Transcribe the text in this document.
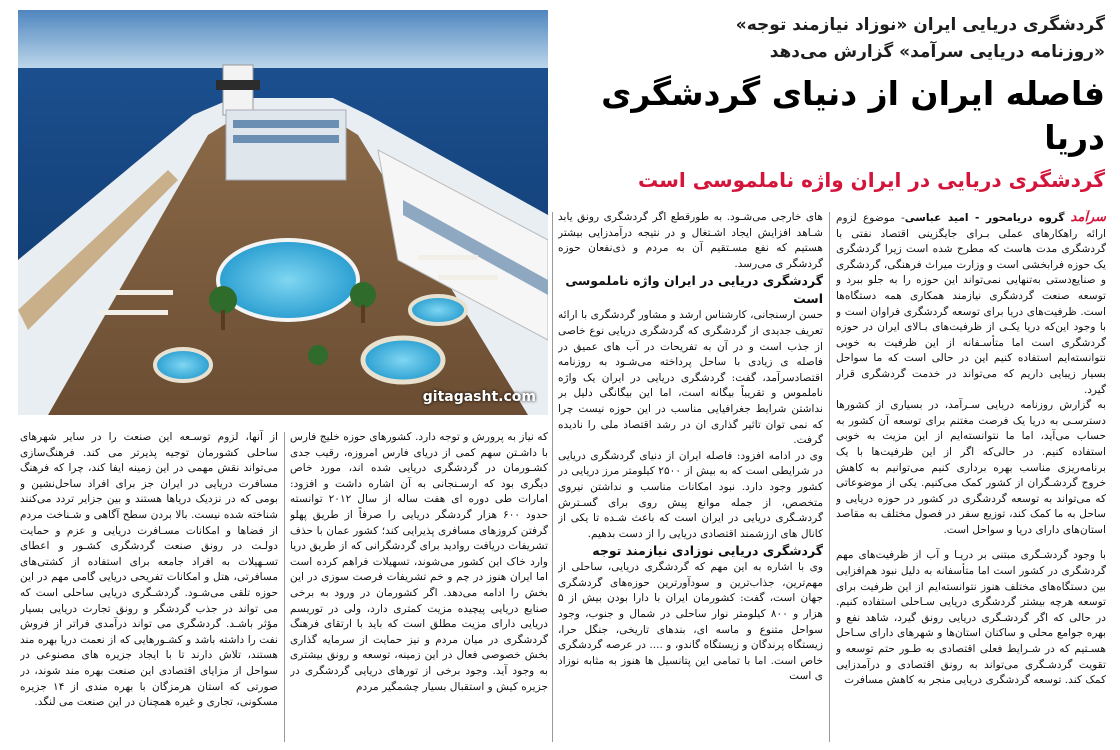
gitagasht.com

گردشگری دریایی ایران «نوزاد نیازمند توجه»

«روزنامه دریایی سرآمد» گزارش می‌دهد

فاصله ایران از دنیای گردشگری دریا

گردشگری دریایی در ایران واژه ناملموسی است

سرآمدگروه دریامحور - امید عباسی- موضوع لزوم ارائه راهکارهای عملی بـرای جایگزینی اقتصاد نفتی با گردشگری مدت هاست که مطرح شده است زیرا گردشگری یک حوزه فرابخشی است و وزارت میراث فرهنگی، گردشگری و صنایع‌دستی به‌تنهایی نمی‌تواند این حوزه را به جلو ببرد و توسعه صنعت گردشگری نیازمند همکاری همه دستگاه‌ها است. ظرفیت‌های دریا برای توسعه گردشگری فراوان است و با وجود این‌که دریا یکـی از ظرفیت‌های بـالای ایران در حوزه گردشگری است اما متأسـفانه از این ظرفیت به خوبی نتوانسته‌ایم استفاده کنیم این در حالی است که ما سواحل بسیار زیبایی داریم که می‌تواند در خدمت گردشگری قرار گیرد.

به گزارش روزنامه دریایی سـرآمد، در بسیاری از کشورها دسترسـی به دریا یک فرصت مغتنم برای توسعه آن کشور به حساب می‌آید، اما ما نتوانسته‌ایم از این مزیت به خوبی استفاده کنیم. در حالی‌که اگر از این ظرفیت‌ها با یک برنامه‌ریزی مناسب بهره برداری کنیم می‌توانیم به کاهش خروج گردشـگران از کشور کمک می‌کنیم. یکی از موضوعاتی که می‌تواند به توسعه گردشگری در کشور در حوزه دریایی و ساحل به ما کمک کند، توزیع سفر در فصول مختلف به مقاصد استان‌های دارای دریا و سواحل است.

با وجود گردشـگری مبتنی بر دریـا و آب از ظرفیت‌های مهم گردشگری در کشور است اما متأسفانه به دلیل نبود هم‌افزایی بین دستگاه‌های مختلف هنوز نتوانسته‌ایم از این ظرفیت برای توسعه هرچه بیشتر گردشگری دریایی سـاحلی استفاده کنیم. در حالی که اگر گردشـگری دریایی رونق گیرد، شاهد نفع و بهره جوامع محلی و ساکنان استان‌ها و شهرهای دارای سـاحل هسـتیم که در شـرایط فعلی اقتصادی به طـور حتم توسعه و تقویت گردشـگری می‌تواند به رونق اقتصادی و درآمدزایی کمک کند. توسعه گردشگری دریایی منجر به کاهش مسافرت

های خارجی می‌شـود. به طورقطع اگر گردشگری رونق یابد شـاهد افزایش ایجاد اشـتغال و در نتیجه درآمدزایی بیشتر هستیم که نفع مسـتقیم آن به مردم و ذی‌نفعان حوزه گردشگر ی می‌رسد.

گردشگری دریایی در ایران واژه ناملموسی است

حسن ارسنجانی، کارشناس ارشد و مشاور گردشگری با ارائه تعریف جدیدی از گردشگری که گردشگری دریایی نوع خاصی از جذب است و در آن به تفریحات در آب های عمیق در فاصله ی زیادی با ساحل پرداخته می‌شـود به روزنامه اقتصادسرآمد، گفت: گردشگری دریایی در ایران یک واژه ناملموس و تقریباً بیگانه است، اما این بیگانگی دلیل بر نداشتن شرایط جغرافیایی مناسب در این حوزه نیست چرا که نمی توان تاثیر گذاری ان در رشد اقتصاد ملی را نادیده گرفت.

وی در ادامه افزود: فاصله ایران از دنیای گردشگری دریایی در شرایطی است که به بیش از ۲۵۰۰ کیلومتر مرز دریایی در کشور وجود دارد. نبود امکانات مناسب و نداشتن نیروی متخصص، از جمله موانع پیش روی برای گسـترش گردشـگری دریایی در ایران است که باعث شـده تا یکی از کانال های ارزشمند اقتصادی دریایی را از دست بدهیم.

گردشگری دریایی نوزادی نیازمند توجه

وی با اشاره به این مهم که گردشگری دریایی، ساحلی از مهم‌ترین، جذاب‌ترین و سودآورترین حوزه‌های گردشگری جهان است، گفت: کشورمان ایران با دارا بودن بیش از ۵ هزار و ۸۰۰ کیلومتر نوار ساحلی در شمال و جنوب، وجود سواحل متنوع و ماسه ای، بندهای تاریخی، جنگل حرا، زیستگاه پرندگان و زیستگاه گاندو، و .... در عرصه گردشگری خاص است. اما با تمامی این پتانسیل ها هنوز به مثابه نوزاد ی است

که نیاز به پرورش و توجه دارد. کشورهای حوزه خلیج فارس با داشـتن سهم کمی از دریای فارس امروزه، رقیب جدی کشـورمان در گردشگری دریایی شده اند، مورد خاص دیگری بود که ارسـنجانی به آن اشاره داشت و افزود: امارات طی دوره ای هفت ساله از سال ۲۰۱۲ توانسته حدود ۶۰۰ هزار گردشگر دریایی را صرفاً از طریق پهلو گرفتن کروزهای مسافری پذیرایی کند؛ کشور عمان با حذف تشریفات دریافت روادید برای گردشگرانی که از طریق دریا وارد خاک این کشور می‌شوند، تسهیلات فراهم کرده است اما ایران هنوز در چم و خم تشریفات فرصت سوزی در این بخش را ادامه می‌دهد. اگر کشورمان در ورود به برخی صنایع دریایی پیچیده مزیت کمتری دارد، ولی در توریسم دریایی دارای مزیت مطلق است که باید با ارتقای فرهنگ گردشگری در میان مردم و نیز حمایت از سرمایه گذاری بخش خصوصی فعال در این زمینه، توسعه و رونق بیشتری به وجود آید. وجود برخی از تورهای دریایی گردشگری در جزیره کیش و استقبال بسیار چشمگیر مردم

از آنها، لزوم توسـعه این صنعت را در سایر شهرهای ساحلی کشورمان توجیه پذیرتر می کند. فرهنگ‌سازی می‌تواند نقش مهمی در این زمینه ایفا کند، چرا که فرهنگ مسافرت دریایی در ایران جز برای افراد ساحل‌نشین و بومی که در نزدیک دریاها هستند و بین جزایر تردد می‌کنند شناخته شده نیست. بالا بردن سطح آگاهی و شـناخت مردم از فضاها و امکانات مسـافرت دریایی و عزم و حمایت دولـت در رونق صنعت گردشگری کشـور و اعطای تسـهیلات به افراد جامعه برای استفاده از کشتی‌های مسافرتی، هتل و امکانات تفریحی دریایی گامی مهم در این حوزه تلقی می‌شـود. گردشـگری دریایی ساحلی است که می تواند در جذب گردشگر و رونق تجارت دریایی بسیار مؤثر باشـد. گردشگری می تواند درآمدی فراتر از فروش نفت را داشته باشد و کشـورهایی که از نعمت دریا بهره مند هستند، تلاش دارند تا با ایجاد جزیره های مصنوعی در سواحل از مزایای اقتصادی این صنعت بهره مند شوند، در صورتی که استان هرمزگان با بهره مندی از ۱۴ جزیره مسکونی، تجاری و غیره همچنان در این صنعت می لنگد.
